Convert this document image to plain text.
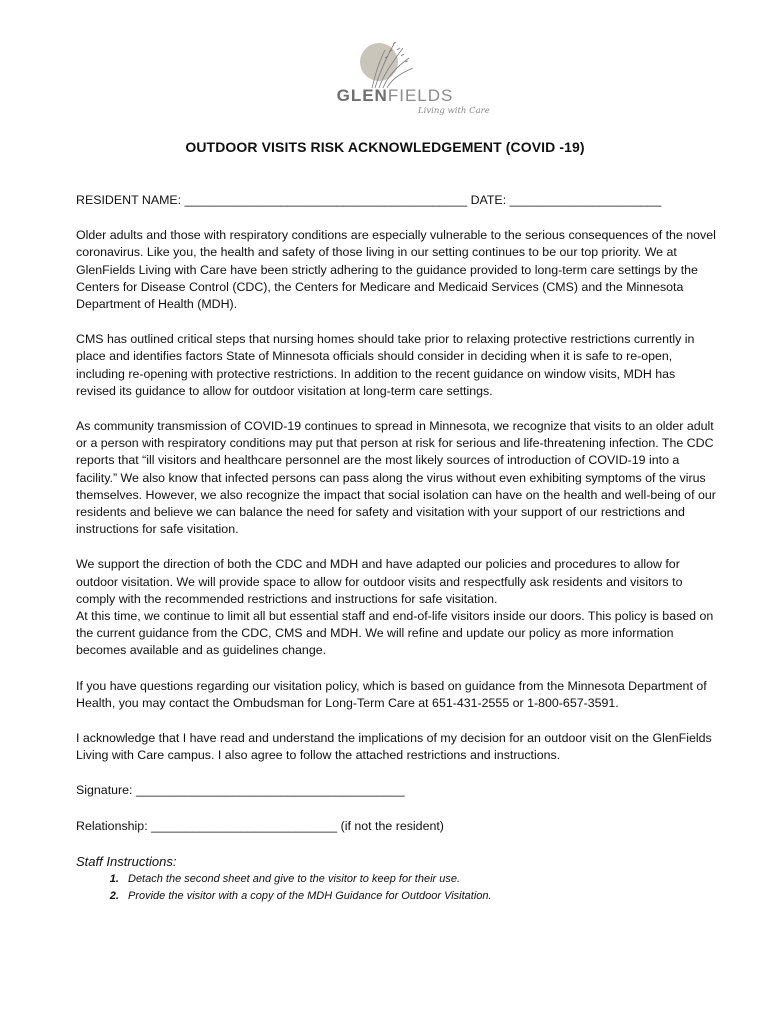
GLENFIELDS
Living with Care
OUTDOOR VISITS RISK ACKNOWLEDGEMENT (COVID -19)
RESIDENT NAME: _________________________________________ DATE: ______________________

Older adults and those with respiratory conditions are especially vulnerable to the serious consequences of the novel coronavirus. Like you, the health and safety of those living in our setting continues to be our top priority. We at GlenFields Living with Care have been strictly adhering to the guidance provided to long-term care settings by the Centers for Disease Control (CDC), the Centers for Medicare and Medicaid Services (CMS) and the Minnesota Department of Health (MDH).

CMS has outlined critical steps that nursing homes should take prior to relaxing protective restrictions currently in place and identifies factors State of Minnesota officials should consider in deciding when it is safe to re-open, including re-opening with protective restrictions. In addition to the recent guidance on window visits, MDH has revised its guidance to allow for outdoor visitation at long-term care settings.

As community transmission of COVID-19 continues to spread in Minnesota, we recognize that visits to an older adult or a person with respiratory conditions may put that person at risk for serious and life-threatening infection. The CDC reports that “ill visitors and healthcare personnel are the most likely sources of introduction of COVID-19 into a facility.” We also know that infected persons can pass along the virus without even exhibiting symptoms of the virus themselves. However, we also recognize the impact that social isolation can have on the health and well-being of our residents and believe we can balance the need for safety and visitation with your support of our restrictions and instructions for safe visitation.

We support the direction of both the CDC and MDH and have adapted our policies and procedures to allow for outdoor visitation. We will provide space to allow for outdoor visits and respectfully ask residents and visitors to comply with the recommended restrictions and instructions for safe visitation.

At this time, we continue to limit all but essential staff and end-of-life visitors inside our doors. This policy is based on the current guidance from the CDC, CMS and MDH. We will refine and update our policy as more information becomes available and as guidelines change.

If you have questions regarding our visitation policy, which is based on guidance from the Minnesota Department of Health, you may contact the Ombudsman for Long-Term Care at 651-431-2555 or 1-800-657-3591.

I acknowledge that I have read and understand the implications of my decision for an outdoor visit on the GlenFields Living with Care campus. I also agree to follow the attached restrictions and instructions.

Signature: _______________________________________
Relationship: ___________________________ (if not the resident)
Staff Instructions:
1. Detach the second sheet and give to the visitor to keep for their use.
2. Provide the visitor with a copy of the MDH Guidance for Outdoor Visitation.
